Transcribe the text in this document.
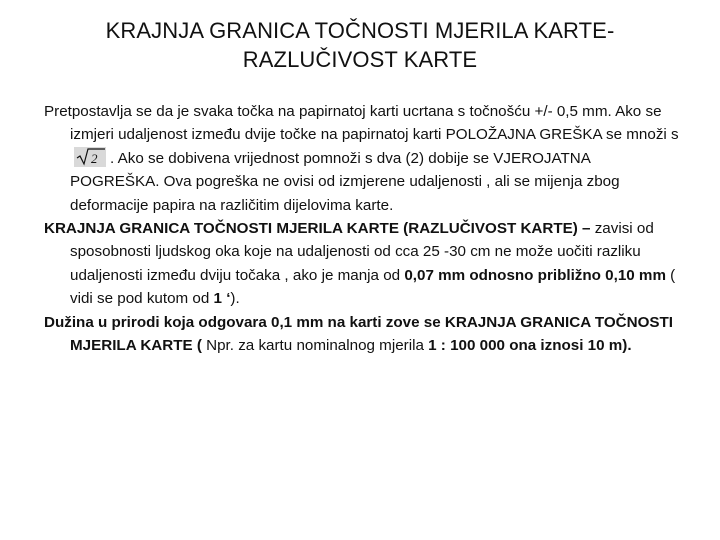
KRAJNJA GRANICA TOČNOSTI MJERILA KARTE- RAZLUČIVOST KARTE

Pretpostavlja se da je svaka točka na papirnatoj karti ucrtana s točnošću +/- 0,5 mm. Ako se izmjeri udaljenost između dvije točke na papirnatoj karti POLOŽAJNA GREŠKA se množi s
2 . Ako se dobivena vrijednost pomnoži s dva (2) dobije se VJEROJATNA POGREŠKA. Ova pogreška ne ovisi od izmjerene udaljenosti , ali se mijenja zbog deformacije papira na različitim dijelovima karte.

KRAJNJA GRANICA TOČNOSTI MJERILA KARTE (RAZLUČIVOST KARTE) – zavisi od sposobnosti ljudskog oka koje na udaljenosti od cca 25 -30 cm ne može uočiti razliku udaljenosti između dviju točaka , ako je manja od 0,07 mm odnosno približno 0,10 mm ( vidi se pod kutom od 1 ‘).

Dužina u prirodi koja odgovara 0,1 mm na karti zove se KRAJNJA GRANICA TOČNOSTI MJERILA KARTE ( Npr. za kartu nominalnog mjerila 1 : 100 000 ona iznosi 10 m).
